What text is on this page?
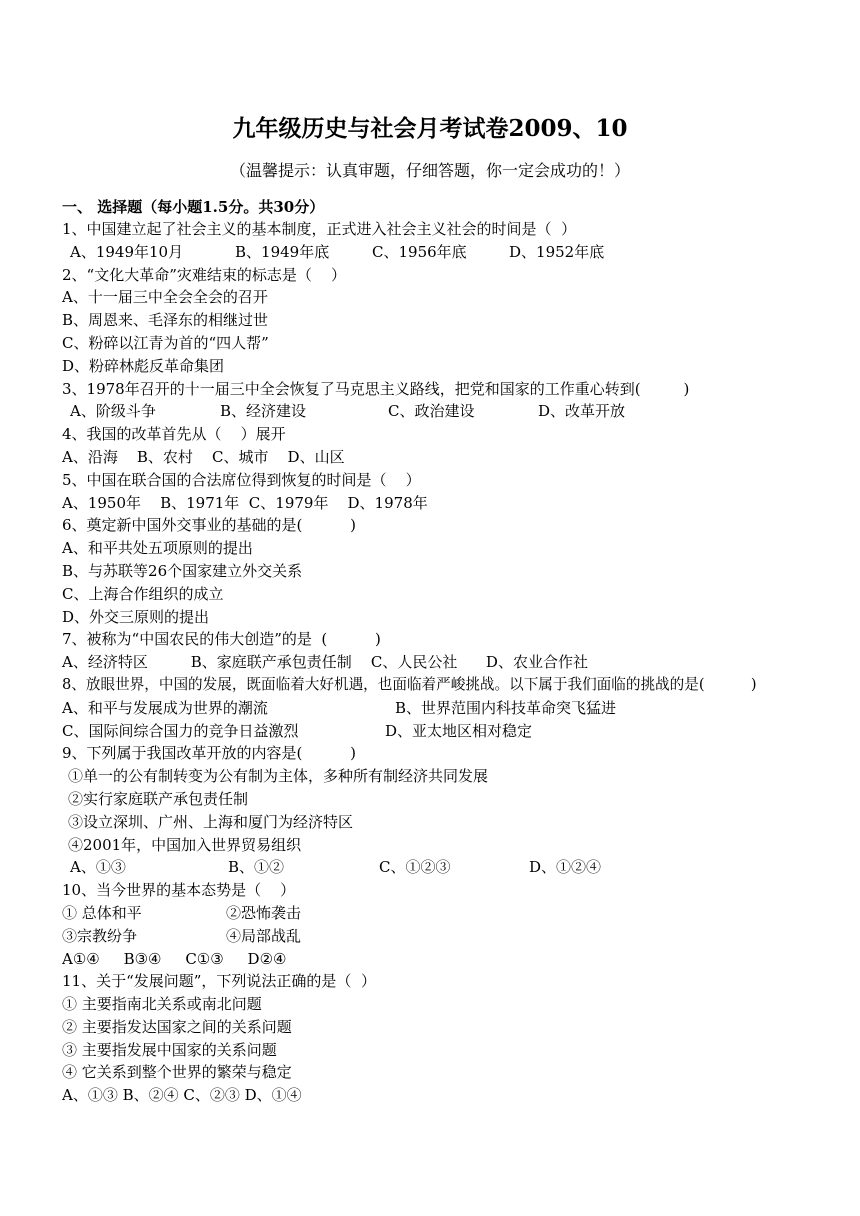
九年级历史与社会月考试卷2009、10
（温馨提示：认真审题，仔细答题，你一定会成功的！）
一、 选择题（每小题1.5分。共30分）
1、中国建立起了社会主义的基本制度，正式进入社会主义社会的时间是（  ）
A、1949年10月	B、1949年底	C、1956年底	D、1952年底
2、“文化大革命”灾难结束的标志是（    ）
A、十一届三中全会全会的召开
B、周恩来、毛泽东的相继过世
C、粉碎以江青为首的“四人帮”
D、粉碎林彪反革命集团
3、1978年召开的十一届三中全会恢复了马克思主义路线，把党和国家的工作重心转到(         )
A、阶级斗争	B、经济建设	C、政治建设	D、改革开放
4、我国的改革首先从（    ）展开
A、沿海    B、农村    C、城市    D、山区
5、中国在联合国的合法席位得到恢复的时间是（    ）
A、1950年    B、1971年  C、1979年    D、1978年
6、奠定新中国外交事业的基础的是(          )
A、和平共处五项原则的提出
B、与苏联等26个国家建立外交关系
C、上海合作组织的成立
D、外交三原则的提出
7、被称为“中国农民的伟大创造”的是  (          )
A、经济特区         B、家庭联产承包责任制    C、人民公社      D、农业合作社
8、放眼世界，中国的发展，既面临着大好机遇，也面临着严峻挑战。以下属于我们面临的挑战的是(          )
A、和平与发展成为世界的潮流	B、世界范围内科技革命突飞猛进
C、国际间综合国力的竞争日益激烈	D、亚太地区相对稳定
9、下列属于我国改革开放的内容是(          )
①单一的公有制转变为公有制为主体，多种所有制经济共同发展
②实行家庭联产承包责任制
③设立深圳、广州、上海和厦门为经济特区
④2001年，中国加入世界贸易组织
A、①③	B、①②	C、①②③	D、①②④
10、当今世界的基本态势是（    ）
① 总体和平	②恐怖袭击
③宗教纷争	④局部战乱
A①④     B③④     C①③     D②④
11、关于“发展问题”，下列说法正确的是（  ）
① 主要指南北关系或南北问题
② 主要指发达国家之间的关系问题
③ 主要指发展中国家的关系问题
④ 它关系到整个世界的繁荣与稳定
A、①③ B、②④ C、②③ D、①④
